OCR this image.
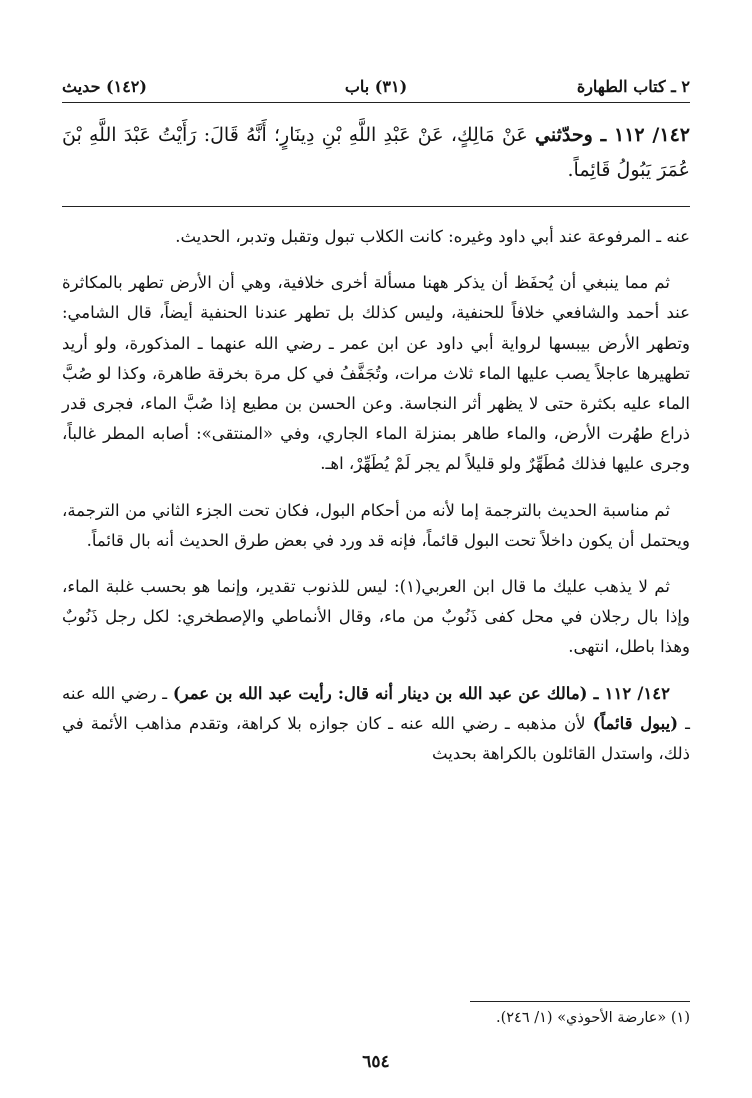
٢ ـ كتاب الطهارة
(٣١) باب
(١٤٢) حديث
١٤٢/ ١١٢ ـ وحدّثني عَنْ مَالِكٍ، عَنْ عَبْدِ اللَّهِ بْنِ دِينَارٍ؛ أَنَّهُ قَالَ: رَأَيْتُ عَبْدَ اللَّهِ بْنَ عُمَرَ يَبُولُ قَائِماً.

عنه ـ المرفوعة عند أبي داود وغيره: كانت الكلاب تبول وتقبل وتدبر، الحديث.

ثم مما ينبغي أن يُحفَظ أن يذكر ههنا مسألة أخرى خلافية، وهي أن الأرض تطهر بالمكاثرة عند أحمد والشافعي خلافاً للحنفية، وليس كذلك بل تطهر عندنا الحنفية أيضاً، قال الشامي: وتطهر الأرض بيبسها لرواية أبي داود عن ابن عمر ـ رضي الله عنهما ـ المذكورة، ولو أريد تطهيرها عاجلاً يصب عليها الماء ثلاث مرات، وتُجَفَّفُ في كل مرة بخرقة طاهرة، وكذا لو صُبَّ الماء عليه بكثرة حتى لا يظهر أثر النجاسة. وعن الحسن بن مطيع إذا صُبَّ الماء، فجرى قدر ذراع طهُرت الأرض، والماء طاهر بمنزلة الماء الجاري، وفي «المنتقى»: أصابه المطر غالباً، وجرى عليها فذلك مُطَهِّرٌ ولو قليلاً لم يجر لَمْ يُطَهِّرْ، اهـ.

ثم مناسبة الحديث بالترجمة إما لأنه من أحكام البول، فكان تحت الجزء الثاني من الترجمة، ويحتمل أن يكون داخلاً تحت البول قائماً، فإنه قد ورد في بعض طرق الحديث أنه بال قائماً.

ثم لا يذهب عليك ما قال ابن العربي(١): ليس للذنوب تقدير، وإنما هو بحسب غلبة الماء، وإذا بال رجلان في محل كفى ذَنُوبٌ من ماء، وقال الأنماطي والإصطخري: لكل رجل ذَنُوبٌ وهذا باطل، انتهى.

١٤٢/ ١١٢ ـ (مالك عن عبد الله بن دينار أنه قال: رأيت عبد الله بن عمر) ـ رضي الله عنه ـ (يبول قائماً) لأن مذهبه ـ رضي الله عنه ـ كان جوازه بلا كراهة، وتقدم مذاهب الأئمة في ذلك، واستدل القائلون بالكراهة بحديث

(١) «عارضة الأحوذي» (١/ ٢٤٦).
٦٥٤
